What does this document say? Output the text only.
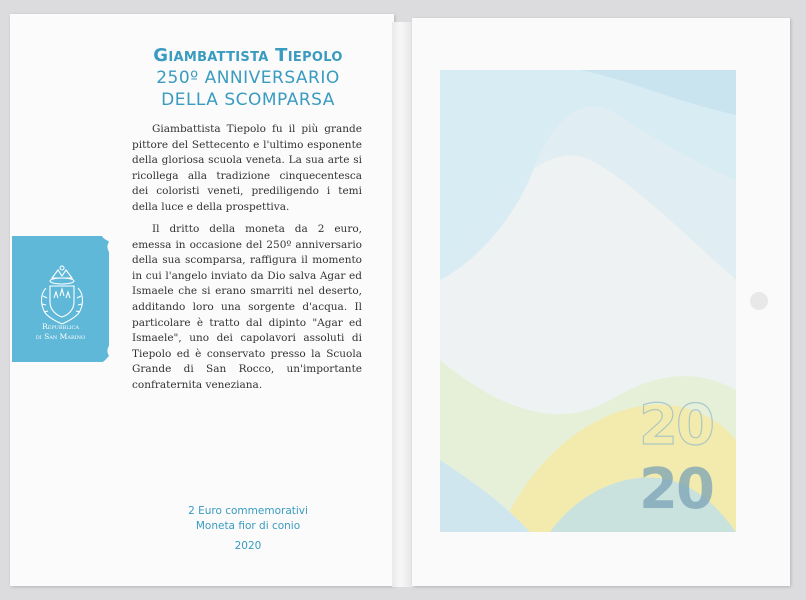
Giambattista Tiepolo
250º ANNIVERSARIO
DELLA SCOMPARSA

Giambattista Tiepolo fu il più grande pittore del Settecento e l'ultimo esponente della gloriosa scuola veneta. La sua arte si ricollega alla tradizione cinquecentesca dei coloristi veneti, prediligendo i temi della luce e della prospettiva.

Il dritto della moneta da 2 euro, emessa in occasione del 250º anniversario della sua scomparsa, raffigura il momento in cui l'angelo inviato da Dio salva Agar ed Ismaele che si erano smarriti nel deserto, additando loro una sorgente d'acqua. Il particolare è tratto dal dipinto "Agar ed Ismaele", uno dei capolavori assoluti di Tiepolo ed è conservato presso la Scuola Grande di San Rocco, un'importante confraternita veneziana.

Repubblica
di San Marino
2 Euro commemorativi
Moneta fior di conio
2020
20
20
